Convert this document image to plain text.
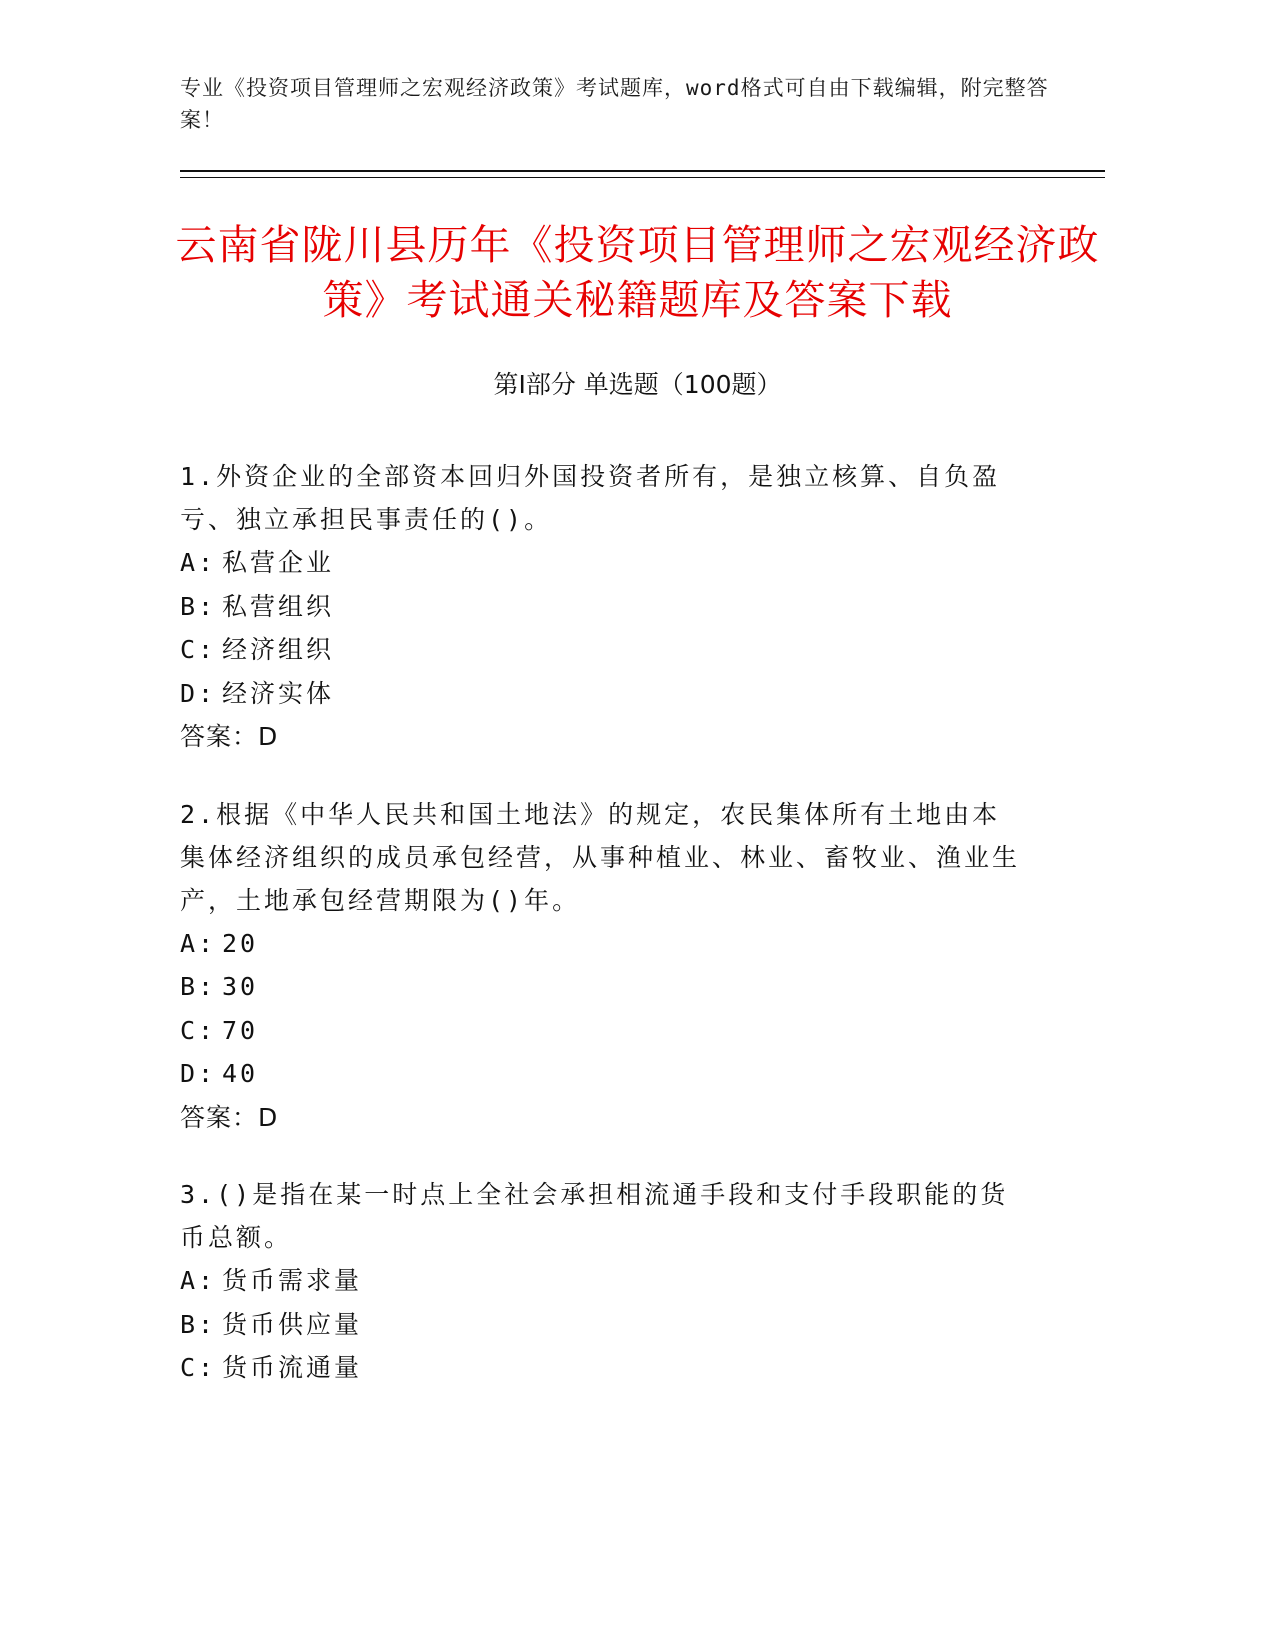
专业《投资项目管理师之宏观经济政策》考试题库，word格式可自由下载编辑，附完整答案！
云南省陇川县历年《投资项目管理师之宏观经济政策》考试通关秘籍题库及答案下载
第Ⅰ部分 单选题（100题）

1.外资企业的全部资本回归外国投资者所有，是独立核算、自负盈亏、独立承担民事责任的()。

A: 私营企业
B: 私营组织
C: 经济组织
D: 经济实体
答案：D

2.根据《中华人民共和国土地法》的规定，农民集体所有土地由本集体经济组织的成员承包经营，从事种植业、林业、畜牧业、渔业生产，土地承包经营期限为()年。

A: 20
B: 30
C: 70
D: 40
答案：D

3.()是指在某一时点上全社会承担相流通手段和支付手段职能的货币总额。

A: 货币需求量
B: 货币供应量
C: 货币流通量
